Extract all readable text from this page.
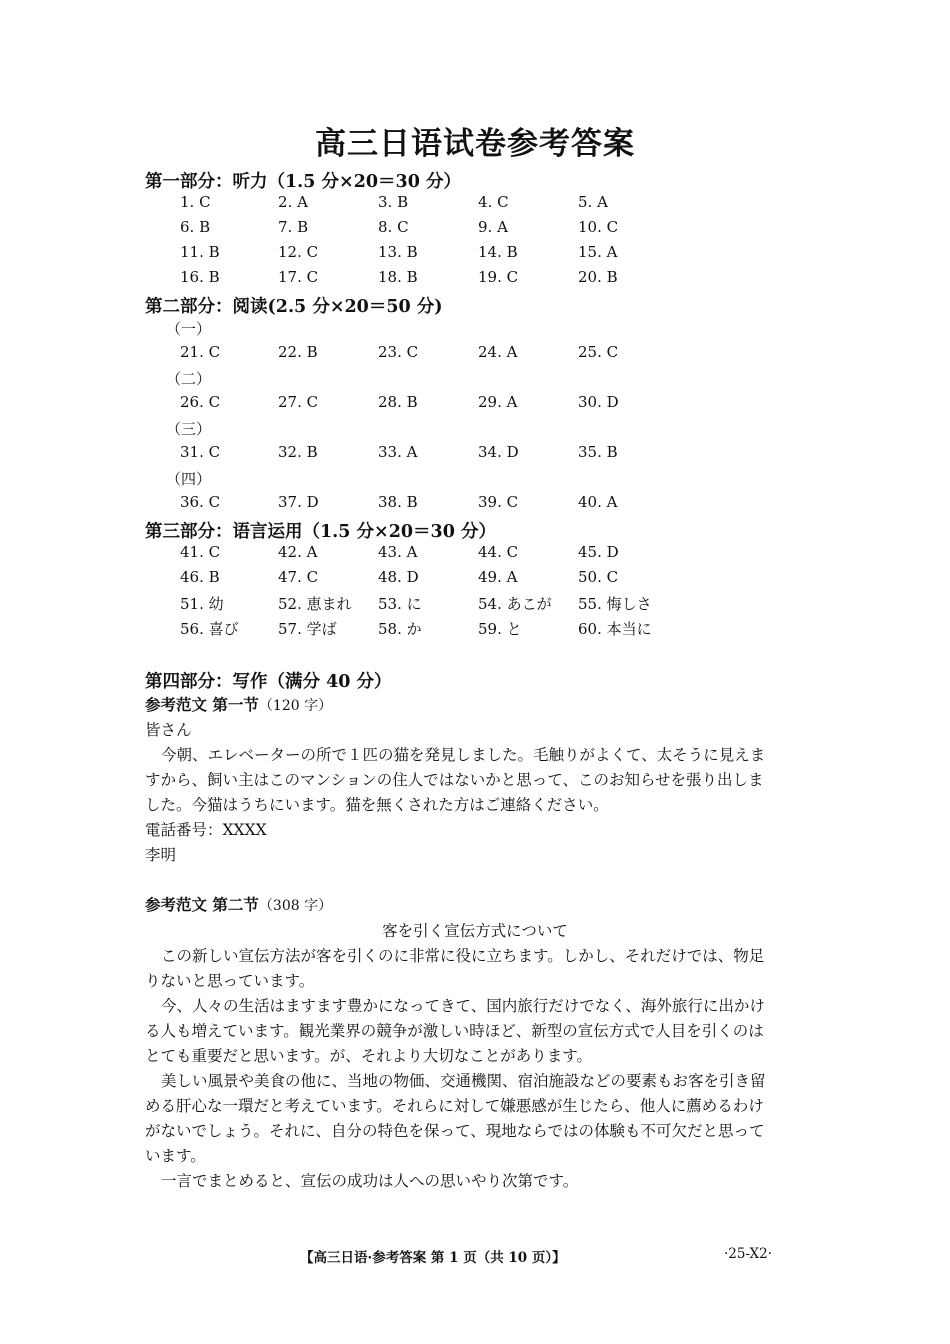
高三日语试卷参考答案
第一部分：听力（1.5 分×20＝30 分）
1. C	2. A	3. B	4. C	5. A
6. B	7. B	8. C	9. A	10. C
11. B	12. C	13. B	14. B	15. A
16. B	17. C	18. B	19. C	20. B
第二部分：阅读(2.5 分×20＝50 分)
（一）
21. C	22. B	23. C	24. A	25. C
（二）
26. C	27. C	28. B	29. A	30. D
（三）
31. C	32. B	33. A	34. D	35. B
（四）
36. C	37. D	38. B	39. C	40. A
第三部分：语言运用（1.5 分×20＝30 分）
41. C	42. A	43. A	44. C	45. D
46. B	47. C	48. D	49. A	50. C
51. 幼	52. 恵まれ 53. に	54. あこが 55. 悔しさ
56. 喜び	57. 学ば	58. か	59. と	60. 本当に
第四部分：写作（满分 40 分）
参考范文 第一节（120 字）
皆さん
今朝、エレベーターの所で１匹の猫を発見しました。毛触りがよくて、太そうに見えま
すから、飼い主はこのマンションの住人ではないかと思って、このお知らせを張り出しま
した。今猫はうちにいます。猫を無くされた方はご連絡ください。
電話番号：XXXX
李明
参考范文 第二节（308 字）
客を引く宣伝方式について
この新しい宣伝方法が客を引くのに非常に役に立ちます。しかし、それだけでは、物足
りないと思っています。
今、人々の生活はますます豊かになってきて、国内旅行だけでなく、海外旅行に出かけ
る人も増えています。観光業界の競争が激しい時ほど、新型の宣伝方式で人目を引くのは
とても重要だと思います。が、それより大切なことがあります。
美しい風景や美食の他に、当地の物価、交通機関、宿泊施設などの要素もお客を引き留
める肝心な一環だと考えています。それらに対して嫌悪感が生じたら、他人に薦めるわけ
がないでしょう。それに、自分の特色を保って、現地ならではの体験も不可欠だと思って
います。
一言でまとめると、宣伝の成功は人への思いやり次第です。
【高三日语·参考答案 第 1 页（共 10 页）】	·25-X2·
